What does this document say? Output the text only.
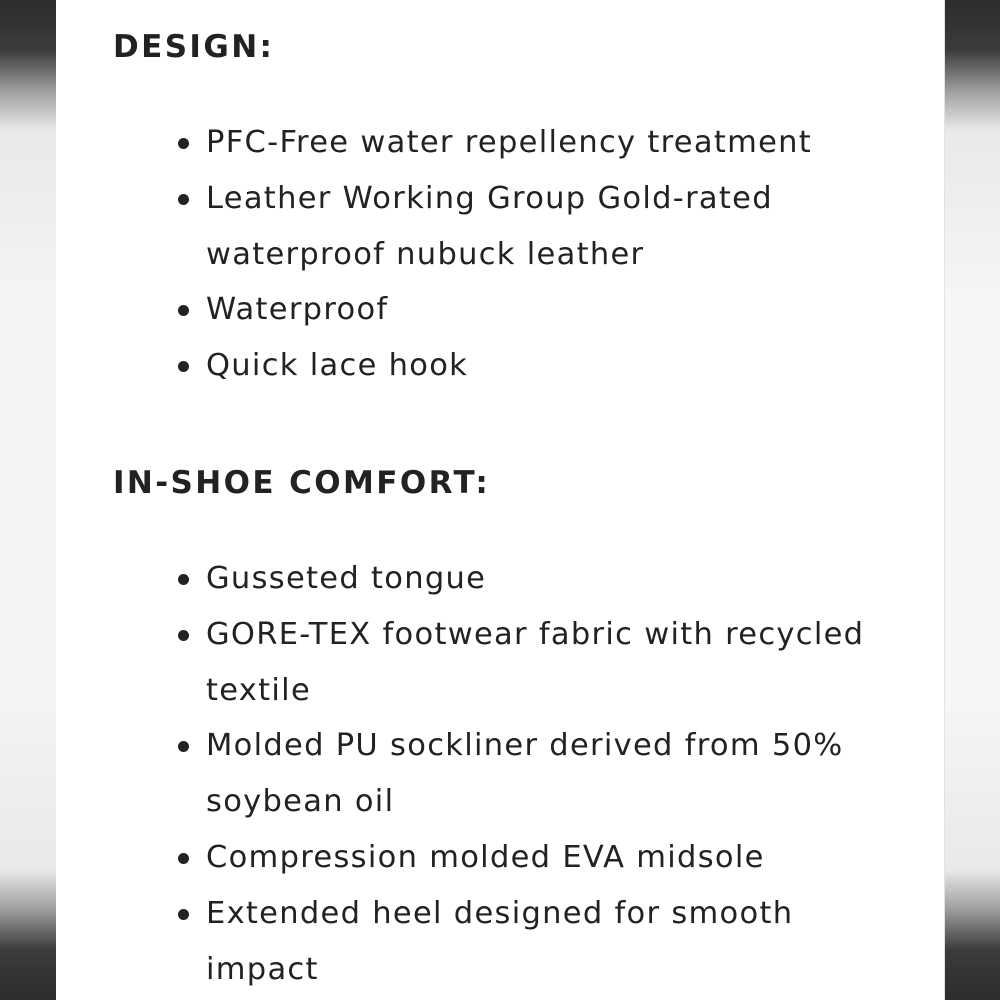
DESIGN:
PFC-Free water repellency treatment
Leather Working Group Gold-rated waterproof nubuck leather
Waterproof
Quick lace hook
IN-SHOE COMFORT:
Gusseted tongue
GORE-TEX footwear fabric with recycled textile
Molded PU sockliner derived from 50% soybean oil
Compression molded EVA midsole
Extended heel designed for smooth impact
